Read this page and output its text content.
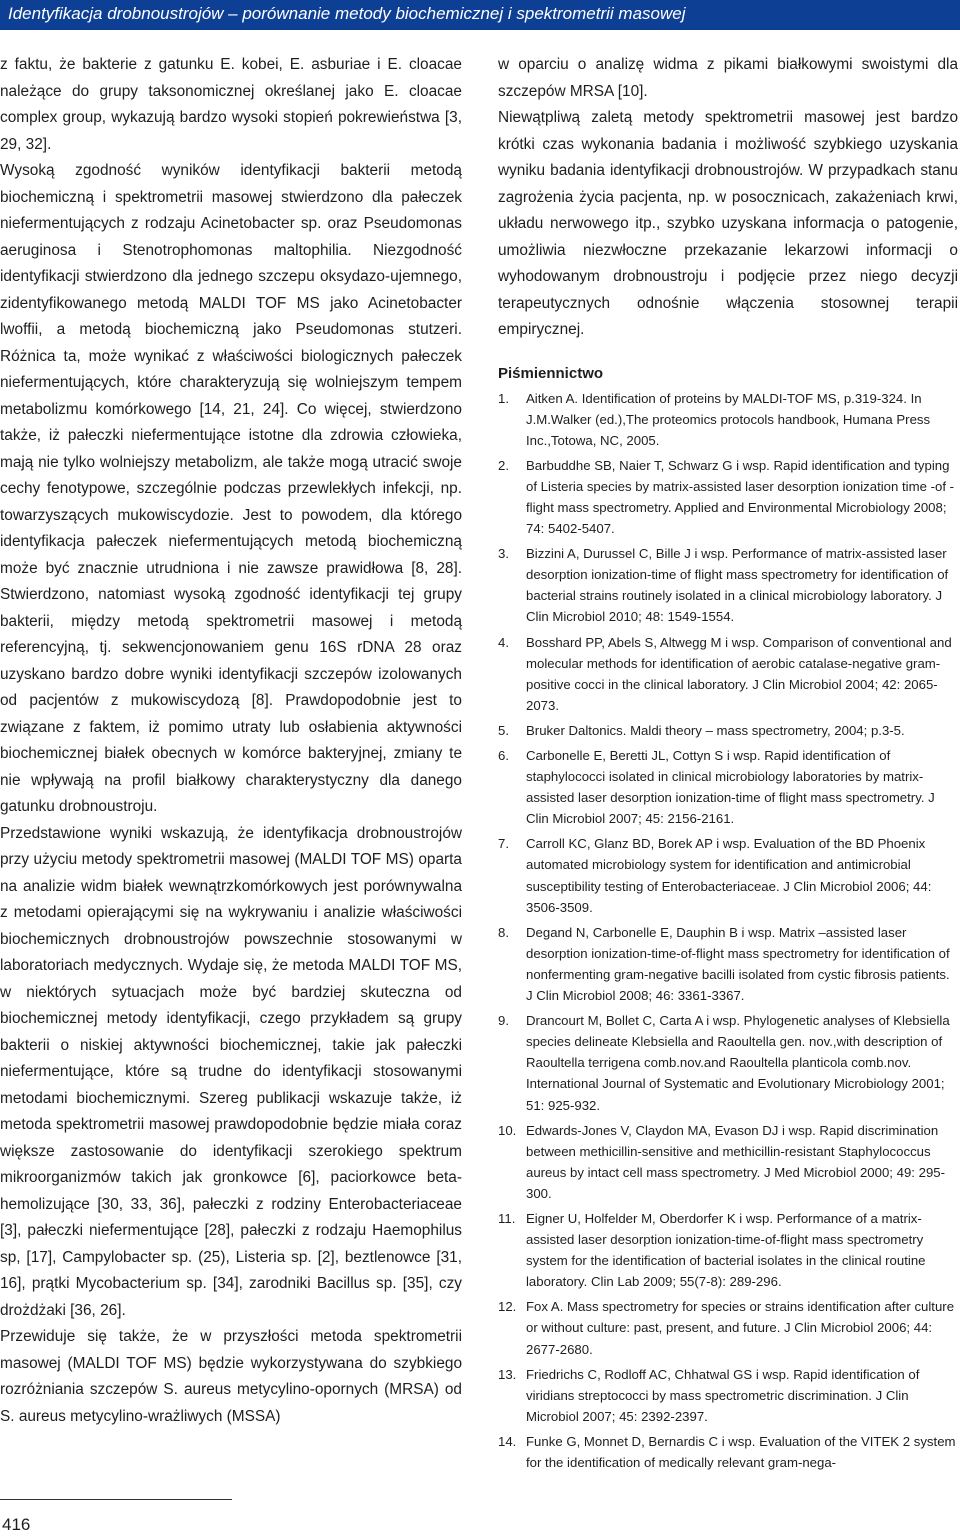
Identyfikacja drobnoustrojów – porównanie metody biochemicznej i spektrometrii masowej

z faktu, że bakterie z gatunku E. kobei, E. asburiae i E. cloacae należące do grupy taksonomicznej określanej jako E. cloacae complex group, wykazują bardzo wysoki stopień pokrewieństwa [3, 29, 32].

Wysoką zgodność wyników identyfikacji bakterii metodą biochemiczną i spektrometrii masowej stwierdzono dla pałeczek niefermentujących z rodzaju Acinetobacter sp. oraz Pseudomonas aeruginosa i Stenotrophomonas maltophilia. Niezgodność identyfikacji stwierdzono dla jednego szczepu oksydazo-ujemnego, zidentyfikowanego metodą MALDI TOF MS jako Acinetobacter lwoffii, a metodą biochemiczną jako Pseudomonas stutzeri. Różnica ta, może wynikać z właściwości biologicznych pałeczek niefermentujących, które charakteryzują się wolniejszym tempem metabolizmu komórkowego [14, 21, 24]. Co więcej, stwierdzono także, iż pałeczki niefermentujące istotne dla zdrowia człowieka, mają nie tylko wolniejszy metabolizm, ale także mogą utracić swoje cechy fenotypowe, szczególnie podczas przewlekłych infekcji, np. towarzyszących mukowiscydozie. Jest to powodem, dla którego identyfikacja pałeczek niefermentujących metodą biochemiczną może być znacznie utrudniona i nie zawsze prawidłowa [8, 28]. Stwierdzono, natomiast wysoką zgodność identyfikacji tej grupy bakterii, między metodą spektrometrii masowej i metodą referencyjną, tj. sekwencjonowaniem genu 16S rDNA 28 oraz uzyskano bardzo dobre wyniki identyfikacji szczepów izolowanych od pacjentów z mukowiscydozą [8]. Prawdopodobnie jest to związane z faktem, iż pomimo utraty lub osłabienia aktywności biochemicznej białek obecnych w komórce bakteryjnej, zmiany te nie wpływają na profil białkowy charakterystyczny dla danego gatunku drobnoustroju.

Przedstawione wyniki wskazują, że identyfikacja drobnoustrojów przy użyciu metody spektrometrii masowej (MALDI TOF MS) oparta na analizie widm białek wewnątrzkomórkowych jest porównywalna z metodami opierającymi się na wykrywaniu i analizie właściwości biochemicznych drobnoustrojów powszechnie stosowanymi w laboratoriach medycznych. Wydaje się, że metoda MALDI TOF MS, w niektórych sytuacjach może być bardziej skuteczna od biochemicznej metody identyfikacji, czego przykładem są grupy bakterii o niskiej aktywności biochemicznej, takie jak pałeczki niefermentujące, które są trudne do identyfikacji stosowanymi metodami biochemicznymi. Szereg publikacji wskazuje także, iż metoda spektrometrii masowej prawdopodobnie będzie miała coraz większe zastosowanie do identyfikacji szerokiego spektrum mikroorganizmów takich jak gronkowce [6], paciorkowce beta-hemolizujące [30, 33, 36], pałeczki z rodziny Enterobacteriaceae [3], pałeczki niefermentujące [28], pałeczki z rodzaju Haemophilus sp, [17], Campylobacter sp. (25), Listeria sp. [2], beztlenowce [31, 16], prątki Mycobacterium sp. [34], zarodniki Bacillus sp. [35], czy drożdżaki [36, 26].

Przewiduje się także, że w przyszłości metoda spektrometrii masowej (MALDI TOF MS) będzie wykorzystywana do szybkiego rozróżniania szczepów S. aureus metycylino-opornych (MRSA) od S. aureus metycylino-wrażliwych (MSSA)

w oparciu o analizę widma z pikami białkowymi swoistymi dla szczepów MRSA [10].

Niewątpliwą zaletą metody spektrometrii masowej jest bardzo krótki czas wykonania badania i możliwość szybkiego uzyskania wyniku badania identyfikacji drobnoustrojów. W przypadkach stanu zagrożenia życia pacjenta, np. w posocznicach, zakażeniach krwi, układu nerwowego itp., szybko uzyskana informacja o patogenie, umożliwia niezwłoczne przekazanie lekarzowi informacji o wyhodowanym drobnoustroju i podjęcie przez niego decyzji terapeutycznych odnośnie włączenia stosownej terapii empirycznej.

Piśmiennictwo
1. Aitken A. Identification of proteins by MALDI-TOF MS, p.319-324. In J.M.Walker (ed.),The proteomics protocols handbook, Humana Press Inc.,Totowa, NC, 2005.
2. Barbuddhe SB, Naier T, Schwarz G i wsp. Rapid identification and typing of Listeria species by matrix-assisted laser desorption ionization time -of -flight mass spectrometry. Applied and Environmental Microbiology 2008; 74: 5402-5407.
3. Bizzini A, Durussel C, Bille J i wsp. Performance of matrix-assisted laser desorption ionization-time of flight mass spectrometry for identification of bacterial strains routinely isolated in a clinical microbiology laboratory. J Clin Microbiol 2010; 48: 1549-1554.
4. Bosshard PP, Abels S, Altwegg M i wsp. Comparison of conventional and molecular methods for identification of aerobic catalase-negative gram-positive cocci in the clinical laboratory. J Clin Microbiol 2004; 42: 2065-2073.
5. Bruker Daltonics. Maldi theory – mass spectrometry, 2004; p.3-5.
6. Carbonelle E, Beretti JL, Cottyn S i wsp. Rapid identification of staphylococci isolated in clinical microbiology laboratories by matrix-assisted laser desorption ionization-time of flight mass spectrometry. J Clin Microbiol 2007; 45: 2156-2161.
7. Carroll KC, Glanz BD, Borek AP i wsp. Evaluation of the BD Phoenix automated microbiology system for identification and antimicrobial susceptibility testing of Enterobacteriaceae. J Clin Microbiol 2006; 44: 3506-3509.
8. Degand N, Carbonelle E, Dauphin B i wsp. Matrix –assisted laser desorption ionization-time-of-flight mass spectrometry for identification of nonfermenting gram-negative bacilli isolated from cystic fibrosis patients. J Clin Microbiol 2008; 46: 3361-3367.
9. Drancourt M, Bollet C, Carta A i wsp. Phylogenetic analyses of Klebsiella species delineate Klebsiella and Raoultella gen. nov.,with description of Raoultella terrigena comb.nov.and Raoultella planticola comb.nov. International Journal of Systematic and Evolutionary Microbiology 2001; 51: 925-932.
10. Edwards-Jones V, Claydon MA, Evason DJ i wsp. Rapid discrimination between methicillin-sensitive and methicillin-resistant Staphylococcus aureus by intact cell mass spectrometry. J Med Microbiol 2000; 49: 295-300.
11. Eigner U, Holfelder M, Oberdorfer K i wsp. Performance of a matrix-assisted laser desorption ionization-time-of-flight mass spectrometry system for the identification of bacterial isolates in the clinical routine laboratory. Clin Lab 2009; 55(7-8): 289-296.
12. Fox A. Mass spectrometry for species or strains identification after culture or without culture: past, present, and future. J Clin Microbiol 2006; 44: 2677-2680.
13. Friedrichs C, Rodloff AC, Chhatwal GS i wsp. Rapid identification of viridians streptococci by mass spectrometric discrimination. J Clin Microbiol 2007; 45: 2392-2397.
14. Funke G, Monnet D, Bernardis C i wsp. Evaluation of the VITEK 2 system for the identification of medically relevant gram-nega-
416
